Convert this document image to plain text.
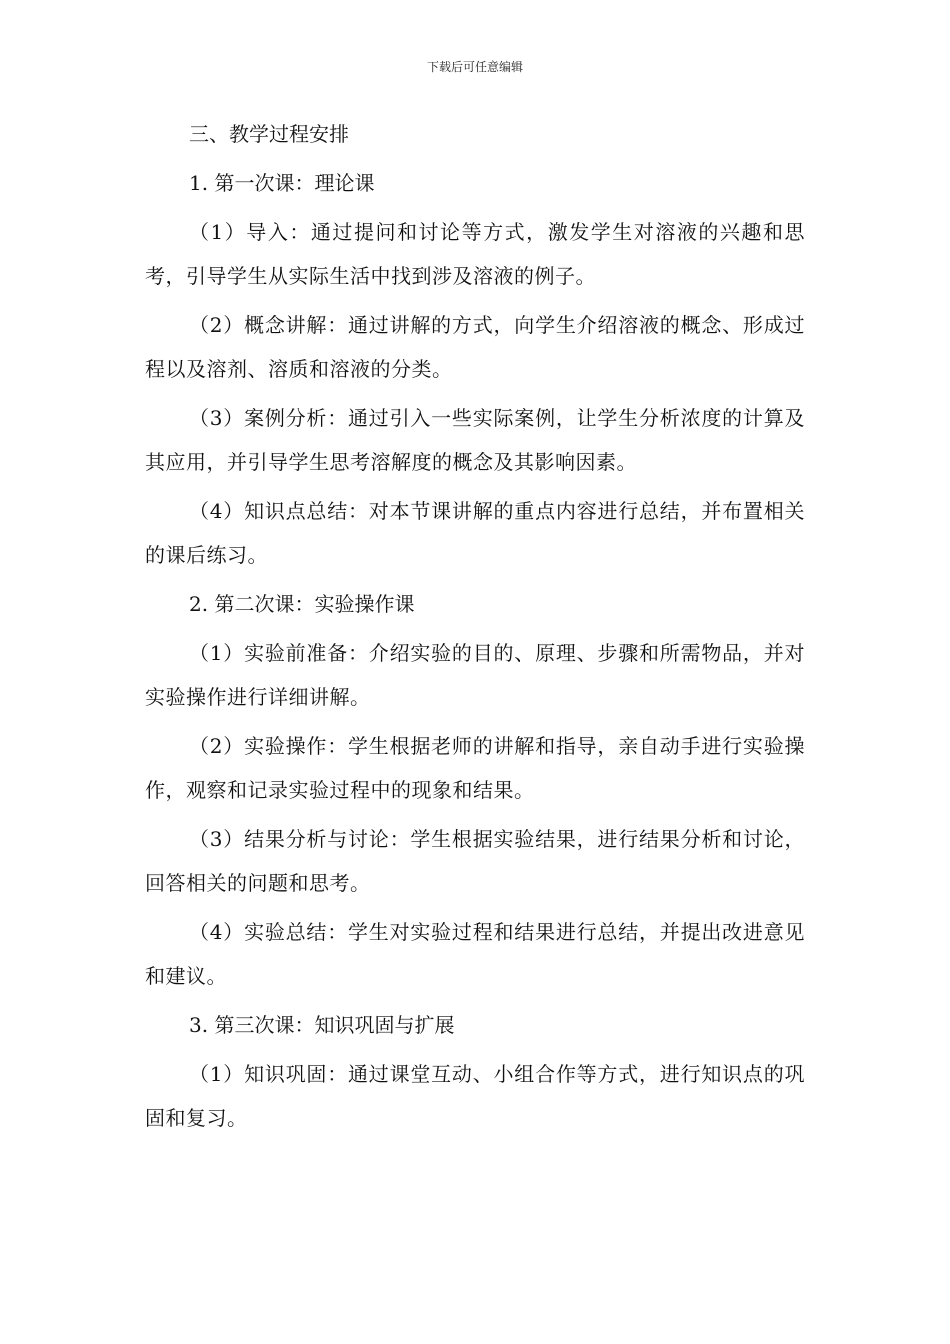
下载后可任意编辑

三、教学过程安排

1. 第一次课：理论课

（1）导入：通过提问和讨论等方式，激发学生对溶液的兴趣和思考，引导学生从实际生活中找到涉及溶液的例子。

（2）概念讲解：通过讲解的方式，向学生介绍溶液的概念、形成过程以及溶剂、溶质和溶液的分类。

（3）案例分析：通过引入一些实际案例，让学生分析浓度的计算及其应用，并引导学生思考溶解度的概念及其影响因素。

（4）知识点总结：对本节课讲解的重点内容进行总结，并布置相关的课后练习。

2. 第二次课：实验操作课

（1）实验前准备：介绍实验的目的、原理、步骤和所需物品，并对实验操作进行详细讲解。

（2）实验操作：学生根据老师的讲解和指导，亲自动手进行实验操作，观察和记录实验过程中的现象和结果。

（3）结果分析与讨论：学生根据实验结果，进行结果分析和讨论，回答相关的问题和思考。

（4）实验总结：学生对实验过程和结果进行总结，并提出改进意见和建议。

3. 第三次课：知识巩固与扩展

（1）知识巩固：通过课堂互动、小组合作等方式，进行知识点的巩固和复习。
